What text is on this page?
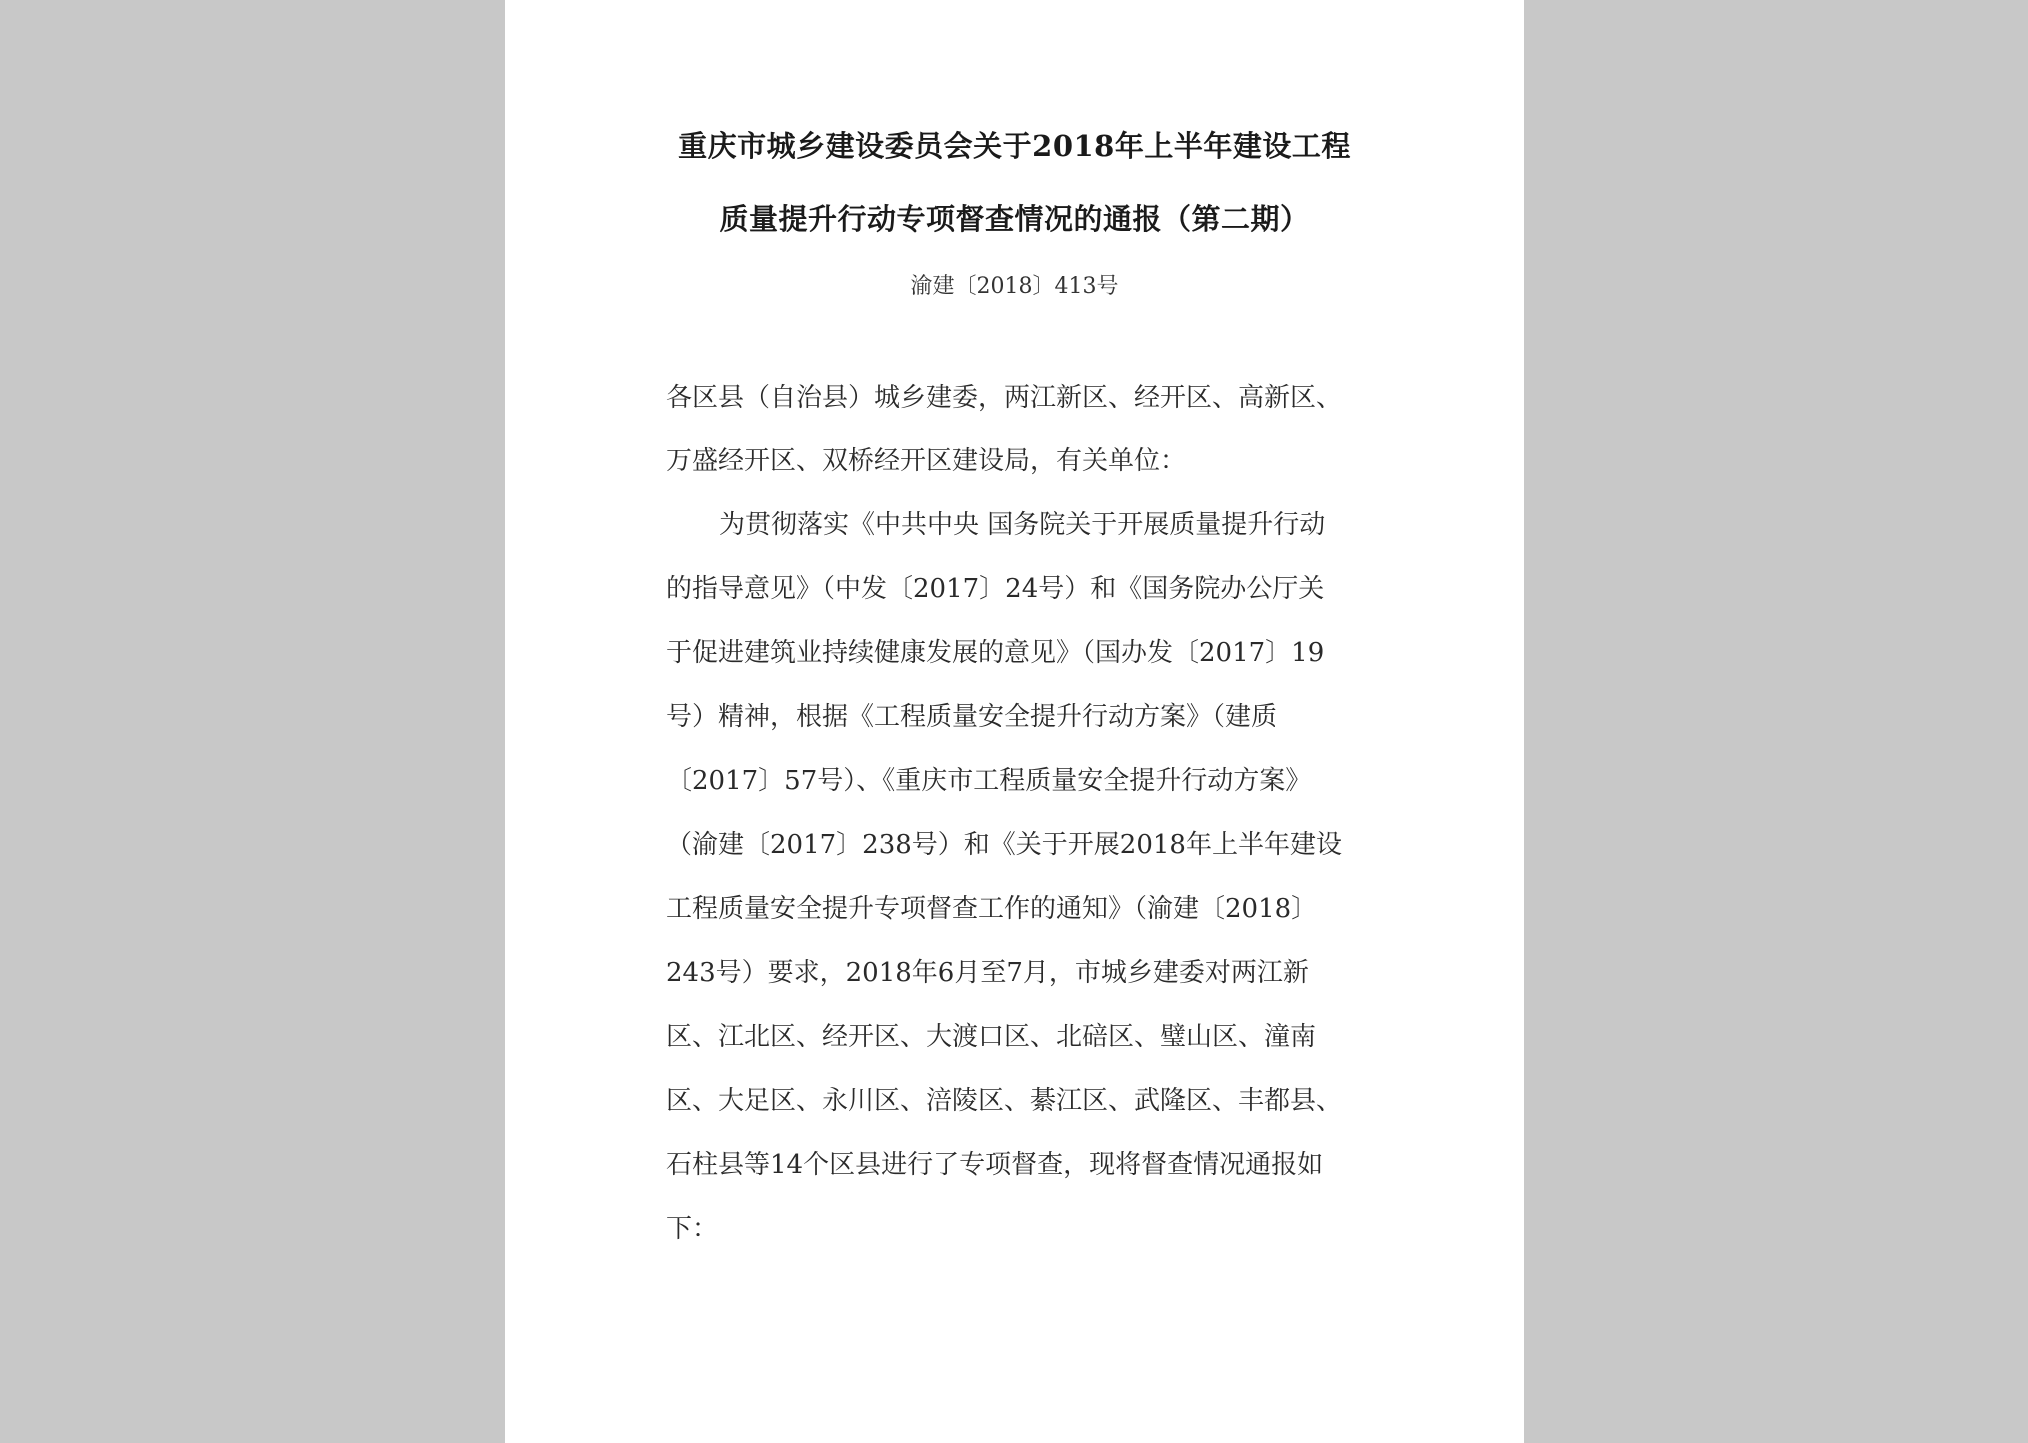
重庆市城乡建设委员会关于2018年上半年建设工程
质量提升行动专项督查情况的通报（第二期）
渝建〔2018〕413号
各区县（自治县）城乡建委，两江新区、经开区、高新区、
万盛经开区、双桥经开区建设局，有关单位：
为贯彻落实《中共中央 国务院关于开展质量提升行动
的指导意见》（中发〔2017〕24号）和《国务院办公厅关
于促进建筑业持续健康发展的意见》（国办发〔2017〕19
号）精神，根据《工程质量安全提升行动方案》（建质
〔2017〕57号）、《重庆市工程质量安全提升行动方案》
（渝建〔2017〕238号）和《关于开展2018年上半年建设
工程质量安全提升专项督查工作的通知》（渝建〔2018〕
243号）要求，2018年6月至7月，市城乡建委对两江新
区、江北区、经开区、大渡口区、北碚区、璧山区、潼南
区、大足区、永川区、涪陵区、綦江区、武隆区、丰都县、
石柱县等14个区县进行了专项督查，现将督查情况通报如
下：
